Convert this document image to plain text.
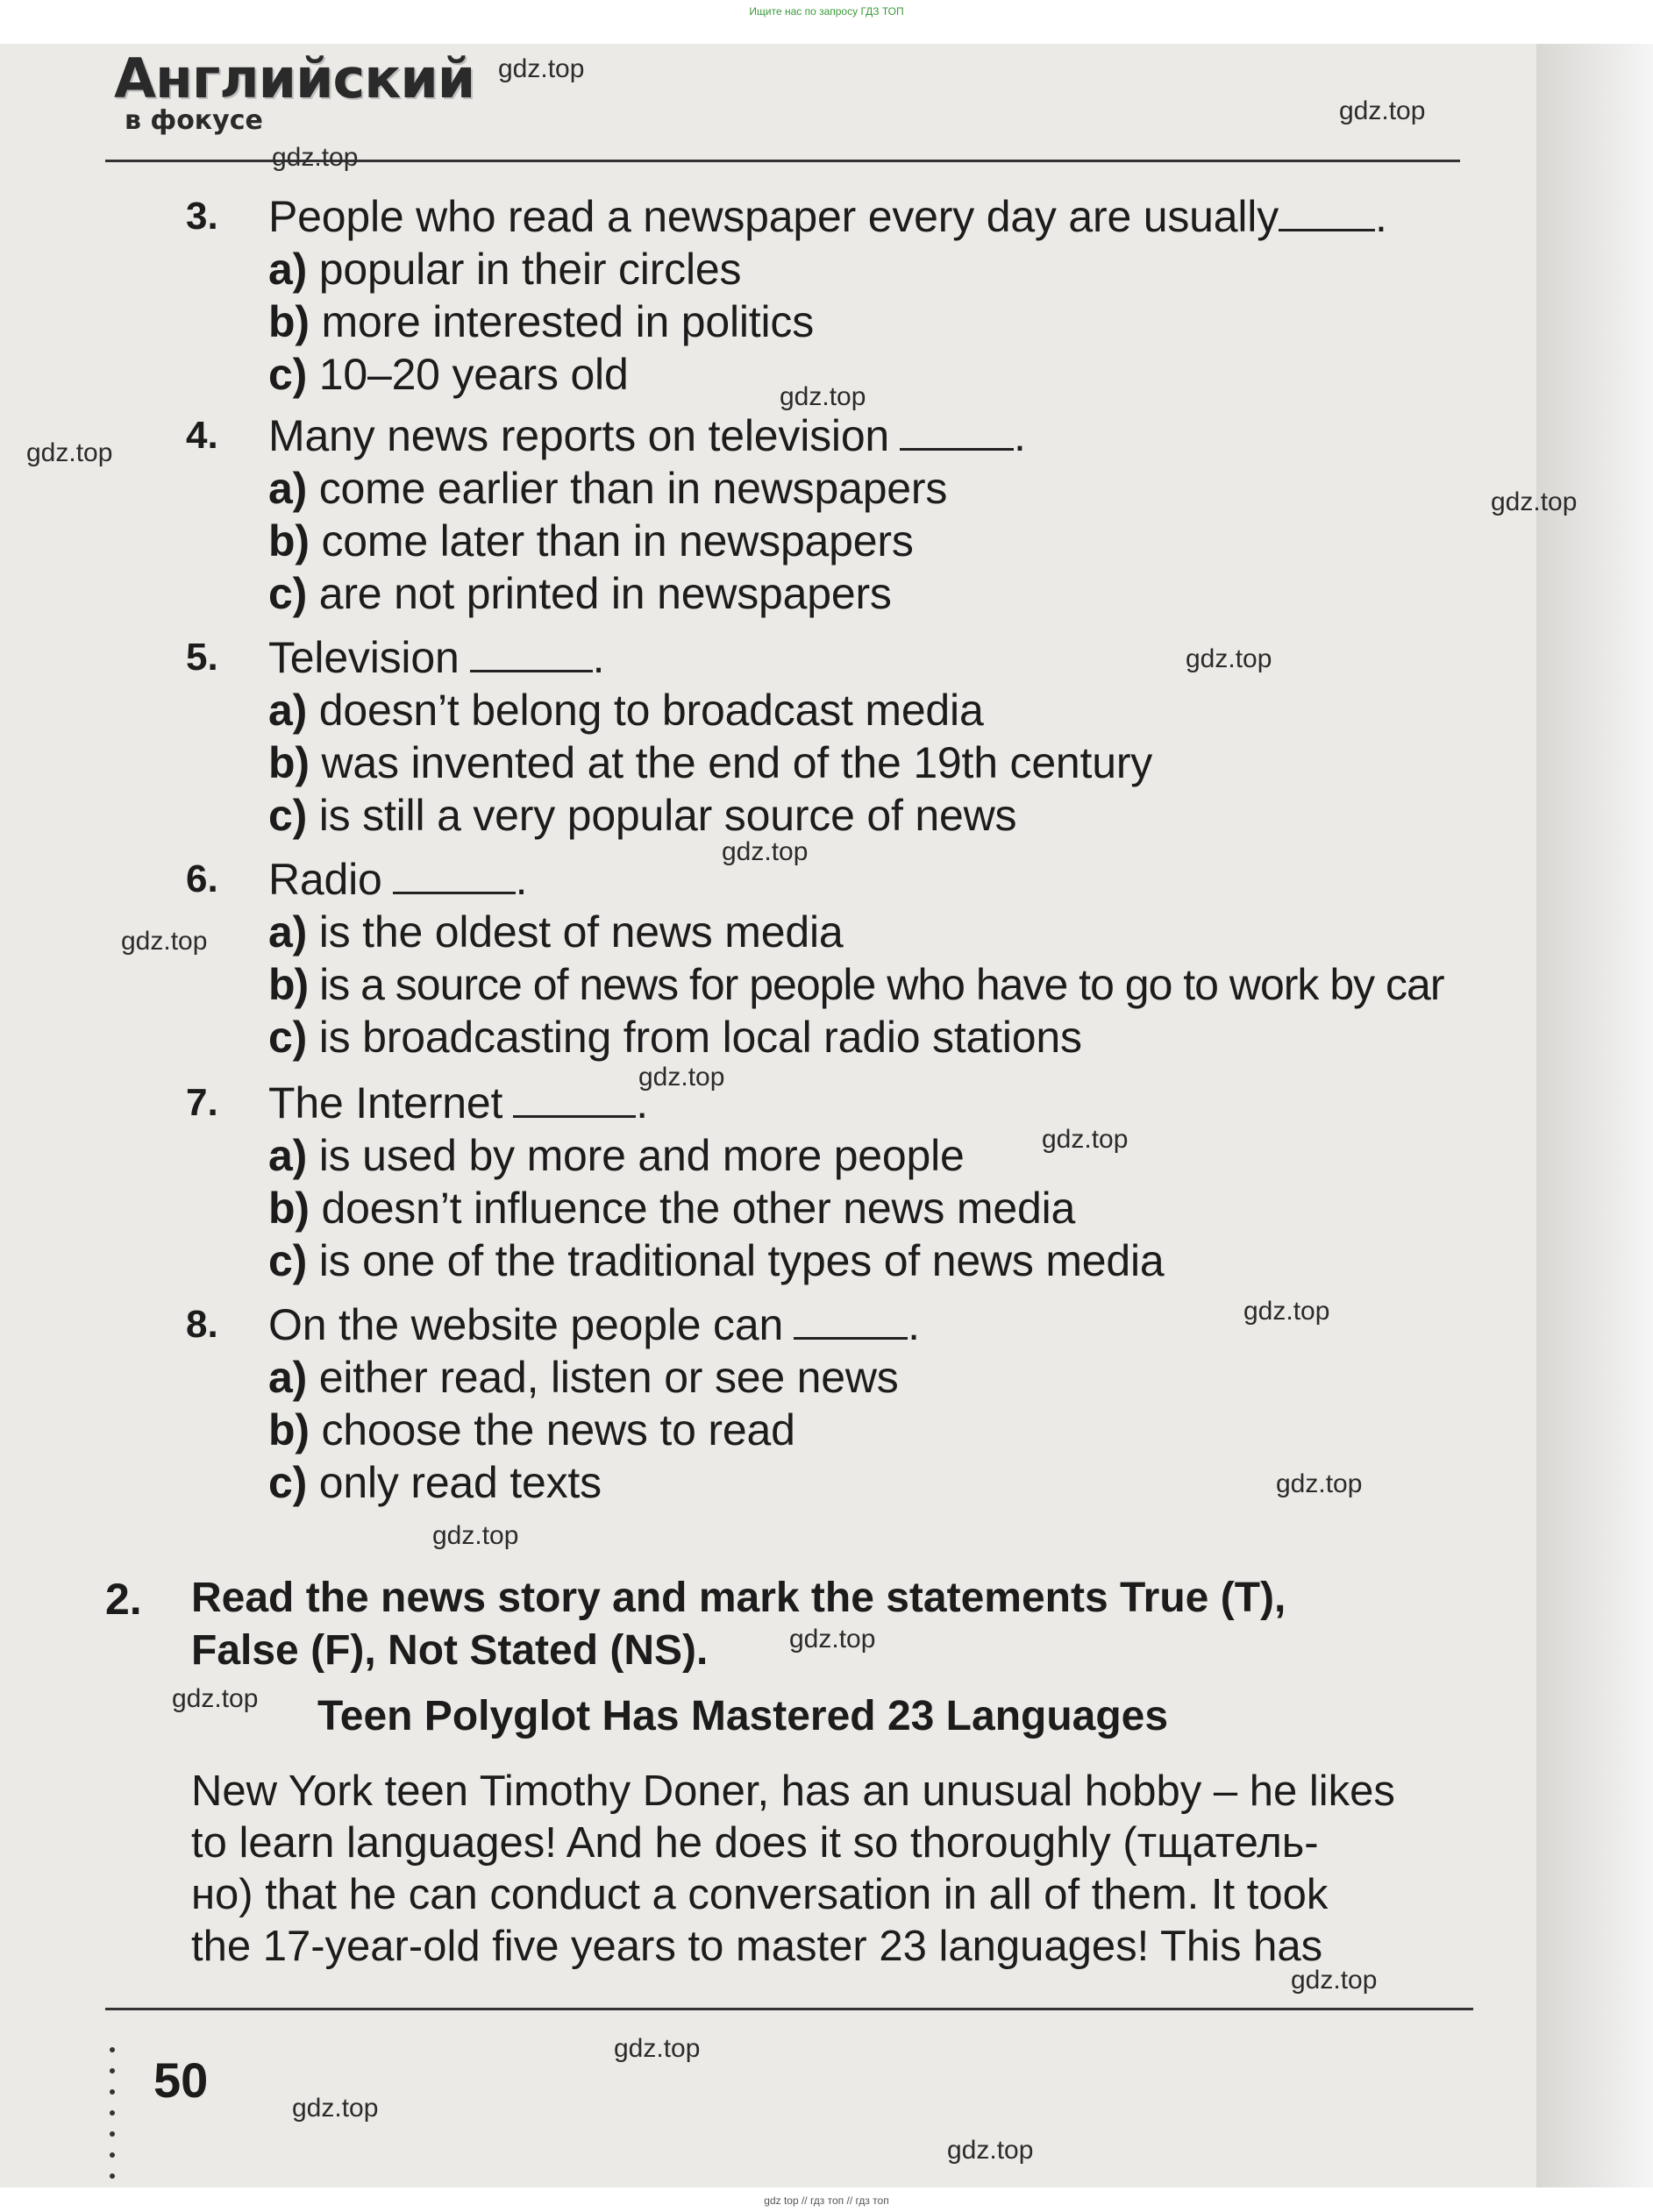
Ищите нас по запросу ГДЗ ТОП
Английский
в фокусе
3. People who read a newspaper every day are usually .
a) popular in their circles
b) more interested in politics
c) 10–20 years old
4. Many news reports on television	.
a) come earlier than in newspapers
b) come later than in newspapers
c) are not printed in newspapers
5. Television	.
a) doesn’t belong to broadcast media
b) was invented at the end of the 19th century
c) is still a very popular source of news
6. Radio	.
a) is the oldest of news media
b) is a source of news for people who have to go to work by car
c) is broadcasting from local radio stations
7. The Internet	.
a) is used by more and more people
b) doesn’t influence the other news media
c) is one of the traditional types of news media
8. On the website people can	.
a) either read, listen or see news
b) choose the news to read
c) only read texts
2. Read the news story and mark the statements True (T),
False (F), Not Stated (NS).
Teen Polyglot Has Mastered 23 Languages
New York teen Timothy Doner, has an unusual hobby – he likes
to learn languages! And he does it so thoroughly (тщатель-
но) that he can conduct a conversation in all of them. It took
the 17-year-old five years to master 23 languages! This has
50
gdz.top
gdz.top
gdz.top
gdz.top
gdz.top
gdz.top
gdz.top
gdz.top
gdz.top
gdz.top
gdz.top
gdz.top
gdz.top
gdz.top
gdz.top
gdz.top
gdz.top
gdz.top
gdz.top
gdz.top
gdz top // гдз топ // гдз топ
